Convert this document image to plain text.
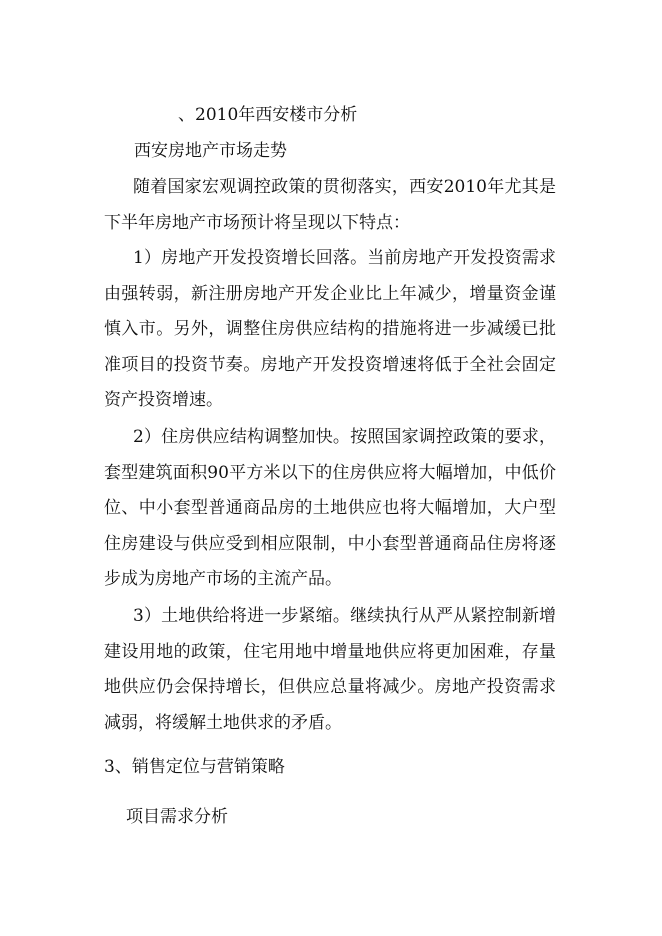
、2010年西安楼市分析
西安房地产市场走势

随着国家宏观调控政策的贯彻落实，西安2010年尤其是下半年房地产市场预计将呈现以下特点：

1）房地产开发投资增长回落。当前房地产开发投资需求由强转弱，新注册房地产开发企业比上年减少，增量资金谨慎入市。另外，调整住房供应结构的措施将进一步减缓已批准项目的投资节奏。房地产开发投资增速将低于全社会固定资产投资增速。

2）住房供应结构调整加快。按照国家调控政策的要求，套型建筑面积90平方米以下的住房供应将大幅增加，中低价位、中小套型普通商品房的土地供应也将大幅增加，大户型住房建设与供应受到相应限制，中小套型普通商品住房将逐步成为房地产市场的主流产品。

3）土地供给将进一步紧缩。继续执行从严从紧控制新增建设用地的政策，住宅用地中增量地供应将更加困难，存量地供应仍会保持增长，但供应总量将减少。房地产投资需求减弱，将缓解土地供求的矛盾。

3、销售定位与营销策略
项目需求分析
